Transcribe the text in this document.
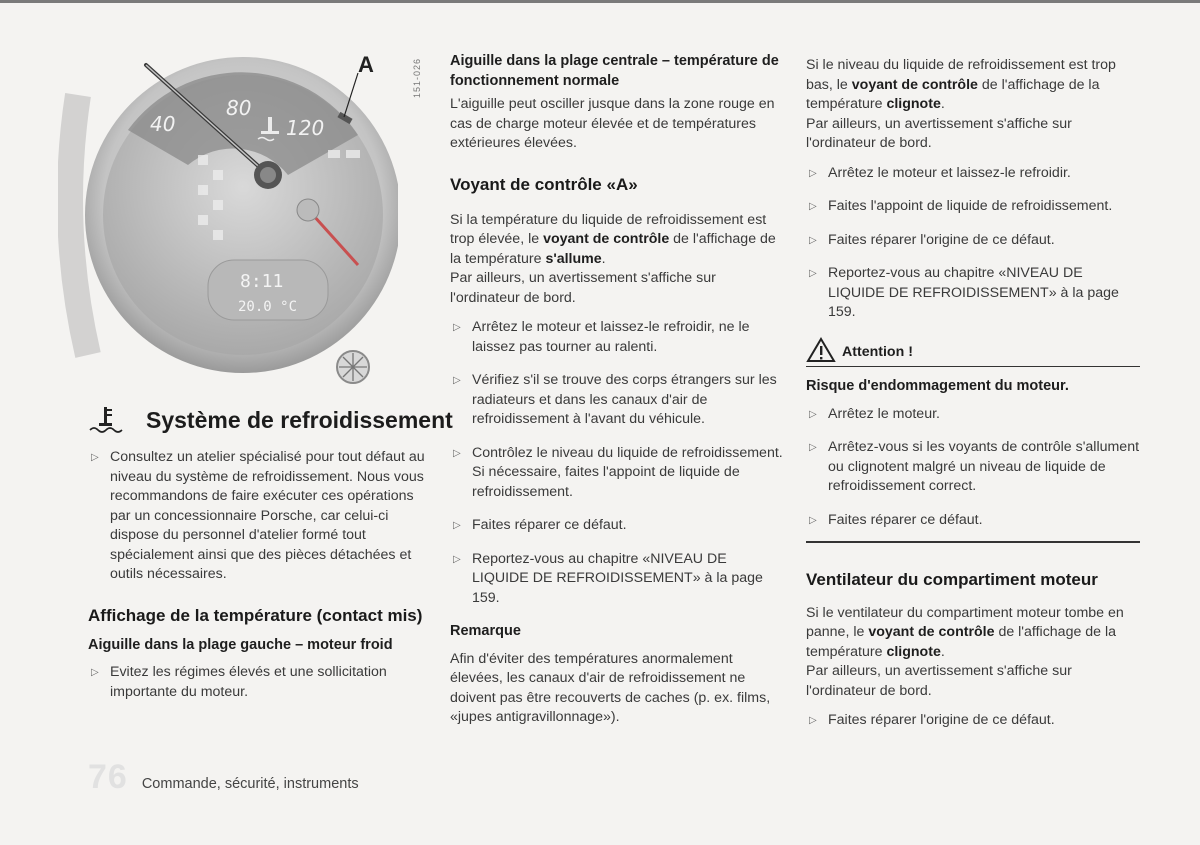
40
80
120
8:11
20.0 °C
A	151-026
Système de refroidissement
▷ Consultez un atelier spécialisé pour tout défaut au niveau du système de refroidissement. Nous vous recommandons de faire exécuter ces opérations par un concessionnaire Porsche, car celui-ci dispose du personnel d'atelier formé tout spécialement ainsi que des pièces détachées et outils nécessaires.
Affichage de la température (contact mis)
Aiguille dans la plage gauche – moteur froid
▷ Evitez les régimes élevés et une sollicitation importante du moteur.
Aiguille dans la plage centrale – température de fonctionnement normale

L'aiguille peut osciller jusque dans la zone rouge en cas de charge moteur élevée et de températures extérieures élevées.

Voyant de contrôle «A»

Si la température du liquide de refroidissement est trop élevée, le voyant de contrôle de l'affichage de la température s'allume.

Par ailleurs, un avertissement s'affiche sur l'ordinateur de bord.

▷ Arrêtez le moteur et laissez-le refroidir, ne le laissez pas tourner au ralenti.
▷ Vérifiez s'il se trouve des corps étrangers sur les radiateurs et dans les canaux d'air de refroidissement à l'avant du véhicule.
▷ Contrôlez le niveau du liquide de refroidissement. Si nécessaire, faites l'appoint de liquide de refroidissement.
▷ Faites réparer ce défaut.
▷ Reportez-vous au chapitre «NIVEAU DE LIQUIDE DE REFROIDISSEMENT» à la page 159.
Remarque

Afin d'éviter des températures anormalement élevées, les canaux d'air de refroidissement ne doivent pas être recouverts de caches (p. ex. films, «jupes antigravillonnage»).

Si le niveau du liquide de refroidissement est trop bas, le voyant de contrôle de l'affichage de la température clignote.

Par ailleurs, un avertissement s'affiche sur l'ordinateur de bord.

▷ Arrêtez le moteur et laissez-le refroidir.
▷ Faites l'appoint de liquide de refroidissement.
▷ Faites réparer l'origine de ce défaut.
▷ Reportez-vous au chapitre «NIVEAU DE LIQUIDE DE REFROIDISSEMENT» à la page 159.
Attention !
Risque d'endommagement du moteur.
▷ Arrêtez le moteur.
▷ Arrêtez-vous si les voyants de contrôle s'allument ou clignotent malgré un niveau de liquide de refroidissement correct.
▷ Faites réparer ce défaut.
Ventilateur du compartiment moteur

Si le ventilateur du compartiment moteur tombe en panne, le voyant de contrôle de l'affichage de la température clignote.

Par ailleurs, un avertissement s'affiche sur l'ordinateur de bord.

▷ Faites réparer l'origine de ce défaut.
76 Commande, sécurité, instruments
